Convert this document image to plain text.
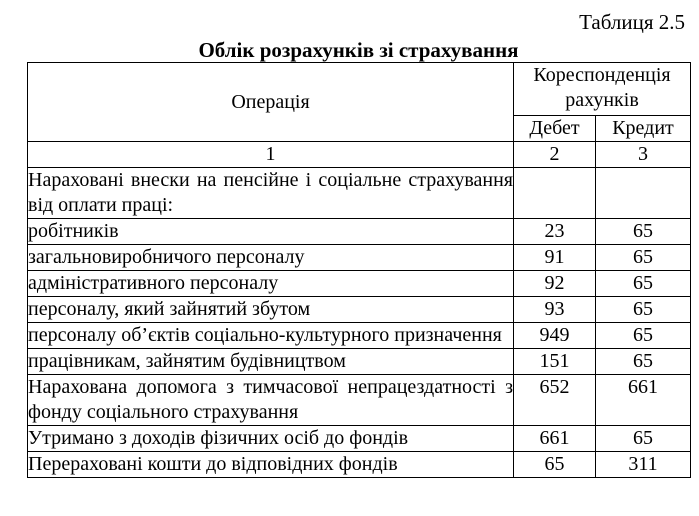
Таблиця 2.5
Облік розрахунків зі страхування
Операція	Кореспонденція рахунків	
	Дебет	Кредит
1	2	3
Нараховані внески на пенсійне і соціальне страхування від оплати праці:		
робітників	23	65
загальновиробничого персоналу	91	65
адміністративного персоналу	92	65
персоналу, який зайнятий збутом	93	65
персоналу об’єктів соціально-культурного призначення	949	65
працівникам, зайнятим будівництвом	151	65
Нарахована допомога з тимчасової непрацездатності з фонду соціального страхування	652	661
Утримано з доходів фізичних осіб до фондів	661	65
Перераховані кошти до відповідних фондів	65	311
